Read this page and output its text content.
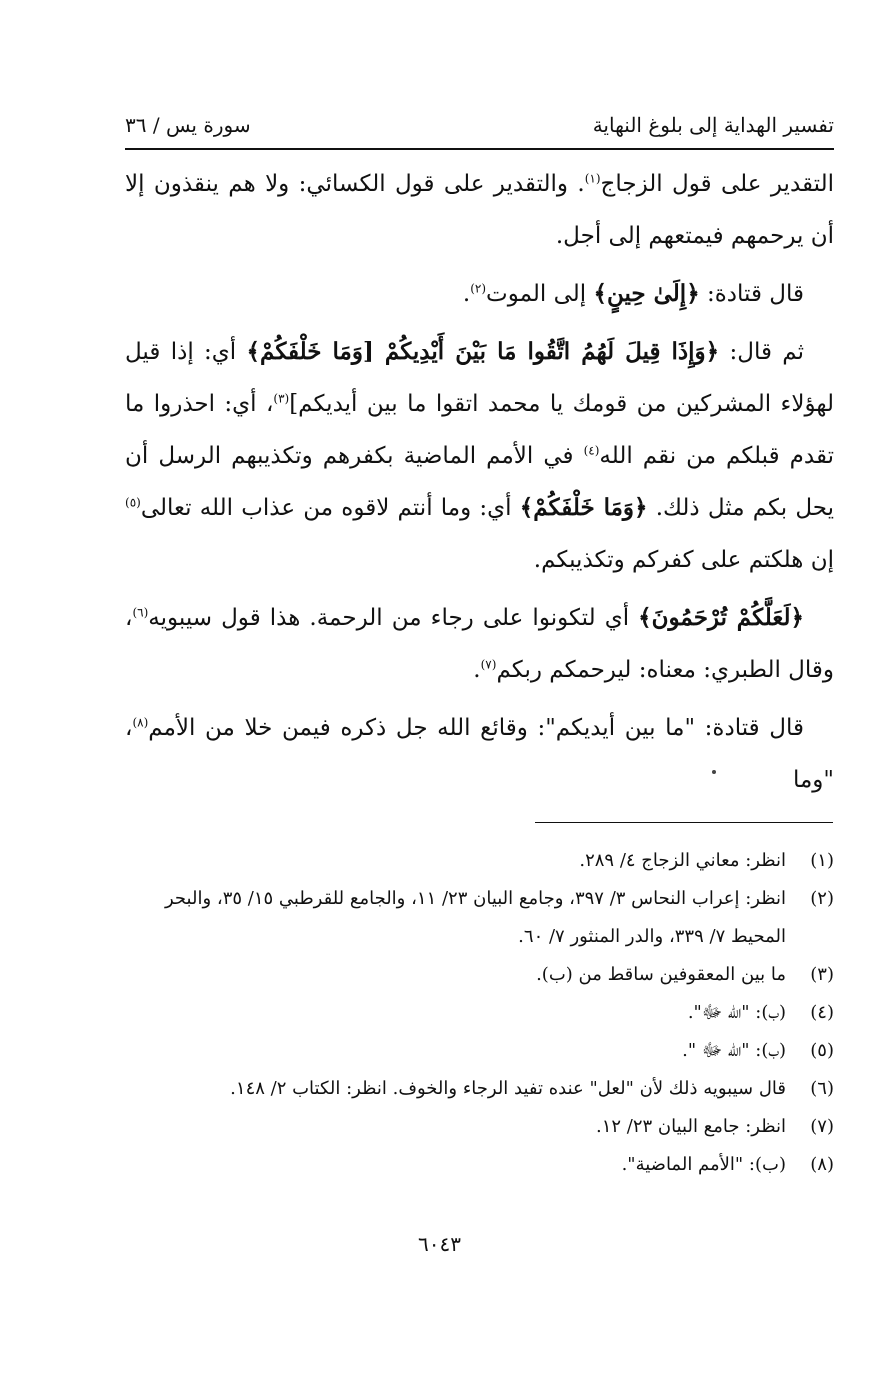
تفسير الهداية إلى بلوغ النهاية
سورة يس / ٣٦

التقدير على قول الزجاج$^{(١)}$. والتقدير على قول الكسائي: ولا هم ينقذون إلا أن يرحمهم فيمتعهم إلى أجل.

قال قتادة: ﴿إِلَىٰ حِينٍ﴾ إلى الموت$^{(٢)}$.

ثم قال: ﴿وَإِذَا قِيلَ لَهُمُ اتَّقُوا مَا بَيْنَ أَيْدِيكُمْ [وَمَا خَلْفَكُمْ﴾ أي: إذا قيل لهؤلاء المشركين من قومك يا محمد اتقوا ما بين أيديكم]$^{(٣)}$، أي: احذروا ما تقدم قبلكم من نقم الله$^{(٤)}$ في الأمم الماضية بكفرهم وتكذيبهم الرسل أن يحل بكم مثل ذلك. ﴿وَمَا خَلْفَكُمْ﴾ أي: وما أنتم لاقوه من عذاب الله تعالى$^{(٥)}$ إن هلكتم على كفركم وتكذيبكم.

﴿لَعَلَّكُمْ تُرْحَمُونَ﴾ أي لتكونوا على رجاء من الرحمة. هذا قول سيبويه$^{(٦)}$، وقال الطبري: معناه: ليرحمكم ربكم$^{(٧)}$.

قال قتادة: "ما بين أيديكم": وقائع الله جل ذكره فيمن خلا من الأمم$^{(٨)}$، "وما

(١)
انظر: معاني الزجاج ٤/ ٢٨٩.
(٢)
انظر: إعراب النحاس ٣/ ٣٩٧، وجامع البيان ٢٣/ ١١، والجامع للقرطبي ١٥/ ٣٥، والبحر المحيط ٧/ ٣٣٩، والدر المنثور ٧/ ٦٠.
(٣)
ما بين المعقوفين ساقط من (ب).
(٤)
(ب): "الله ﷻ".
(٥)
(ب): "الله ﷻ ".
(٦)
قال سيبويه ذلك لأن "لعل" عنده تفيد الرجاء والخوف. انظر: الكتاب ٢/ ١٤٨.
(٧)
انظر: جامع البيان ٢٣/ ١٢.
(٨)
(ب): "الأمم الماضية".
٦٠٤٣
